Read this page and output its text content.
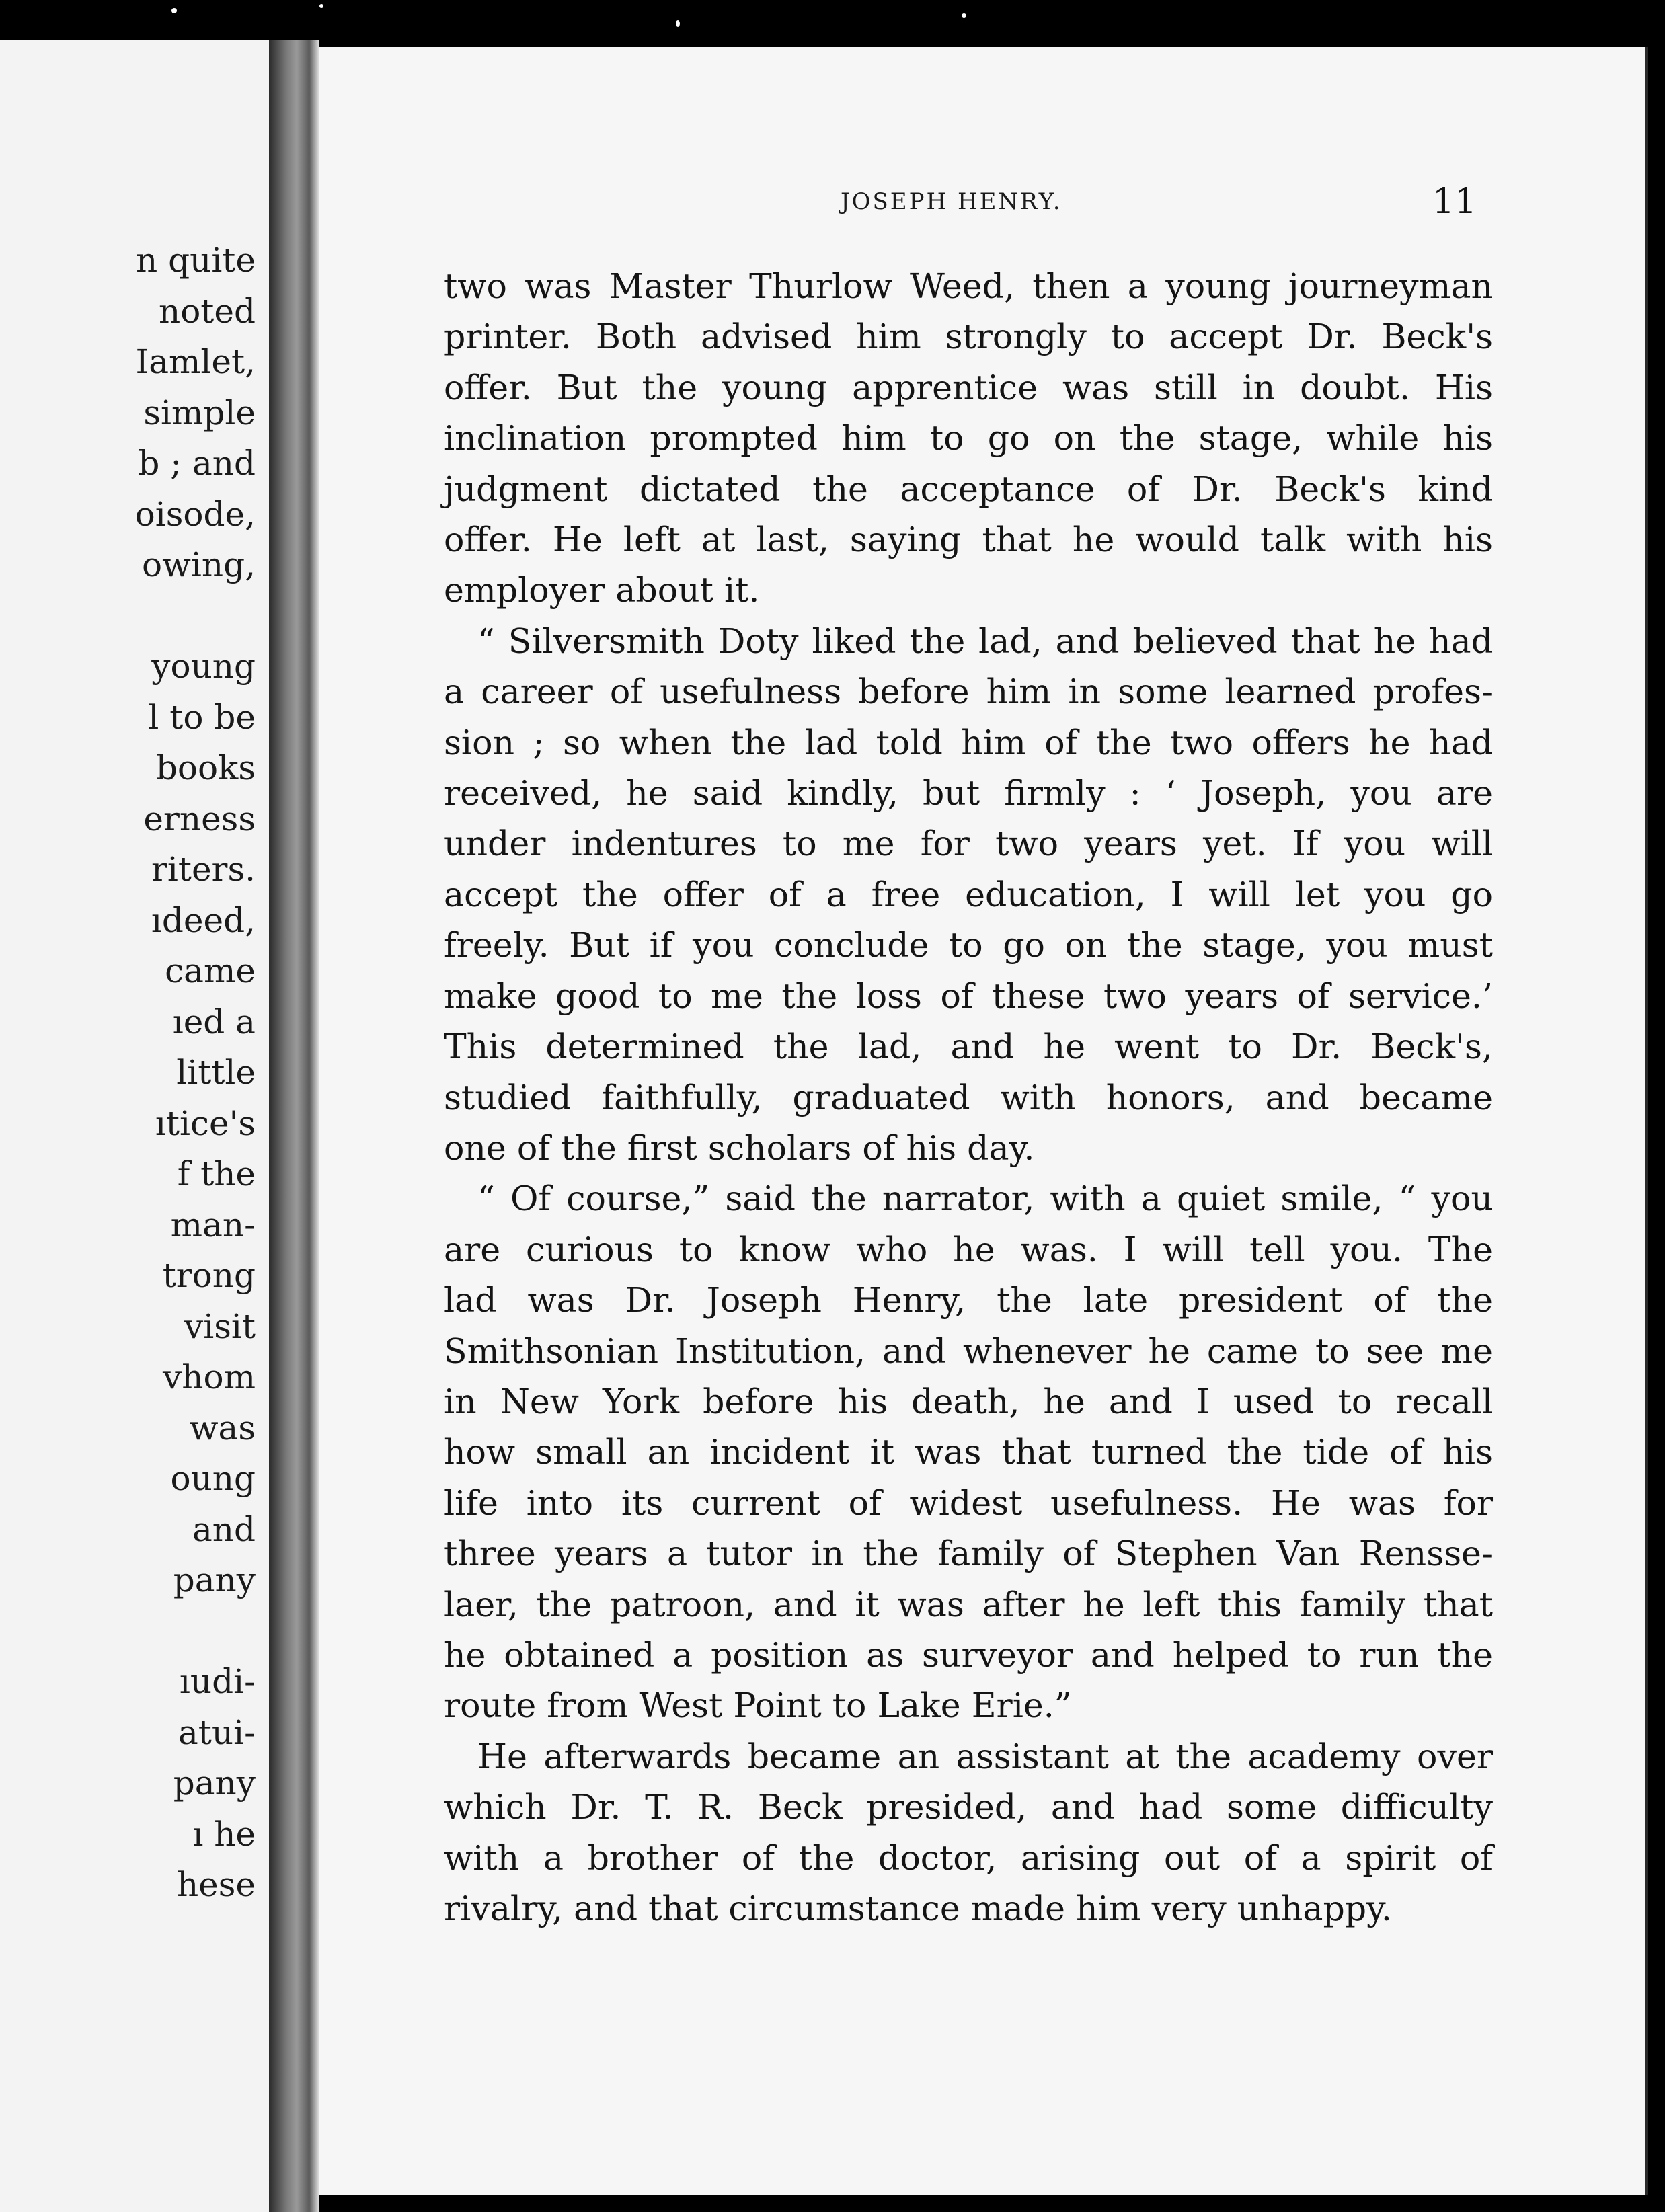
n quite
noted
Iamlet,
simple
b ; and
oisode,
owing,
young
l to be
books
erness
riters.
ıdeed,
came
ıed a
little
ıtice's
f the
man-
trong
visit
vhom
was
oung
and
pany
ıudi-
atui-
pany
ı he
hese
JOSEPH HENRY.	11

two was Master Thurlow Weed, then a young journeyman
printer. Both advised him strongly to accept Dr. Beck's
offer. But the young apprentice was still in doubt. His
inclination prompted him to go on the stage, while his
judgment dictated the acceptance of Dr. Beck's kind
offer. He left at last, saying that he would talk with his
employer about it.

“ Silversmith Doty liked the lad, and believed that he had
a career of usefulness before him in some learned profes-
sion ; so when the lad told him of the two offers he had
received, he said kindly, but firmly : ‘ Joseph, you are
under indentures to me for two years yet. If you will
accept the offer of a free education, I will let you go
freely. But if you conclude to go on the stage, you must
make good to me the loss of these two years of service.’
This determined the lad, and he went to Dr. Beck's,
studied faithfully, graduated with honors, and became
one of the first scholars of his day.

“ Of course,” said the narrator, with a quiet smile, “ you
are curious to know who he was. I will tell you. The
lad was Dr. Joseph Henry, the late president of the
Smithsonian Institution, and whenever he came to see me
in New York before his death, he and I used to recall
how small an incident it was that turned the tide of his
life into its current of widest usefulness. He was for
three years a tutor in the family of Stephen Van Rensse-
laer, the patroon, and it was after he left this family that
he obtained a position as surveyor and helped to run the
route from West Point to Lake Erie.”

He afterwards became an assistant at the academy over
which Dr. T. R. Beck presided, and had some difficulty
with a brother of the doctor, arising out of a spirit of
rivalry, and that circumstance made him very unhappy.
